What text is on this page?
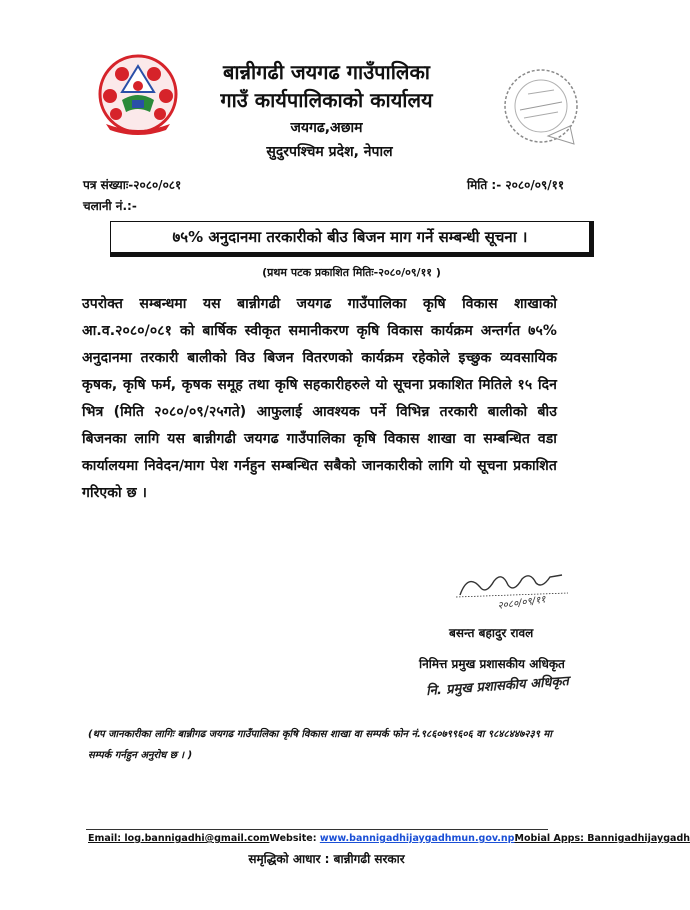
बान्नीगढी जयगढ गाउँपालिका
गाउँ कार्यपालिकाको कार्यालय
जयगढ,अछाम
सुदुरपश्चिम प्रदेश, नेपाल
पत्र संख्याः-२०८०/०८१	मिति :- २०८०/०९/११
चलानी नं.:-
७५% अनुदानमा तरकारीको बीउ बिजन माग गर्ने सम्बन्धी सूचना ।
(प्रथम पटक प्रकाशित मितिः-२०८०/०९/११ )
उपरोक्त सम्बन्धमा यस बान्नीगढी जयगढ गाउँपालिका कृषि विकास शाखाको आ.व.२०८०/०८१ को बार्षिक स्वीकृत समानीकरण कृषि विकास कार्यक्रम अन्तर्गत ७५% अनुदानमा तरकारी बालीको विउ बिजन वितरणको कार्यक्रम रहेकोले इच्छुक व्यवसायिक कृषक, कृषि फर्म, कृषक समूह तथा कृषि सहकारीहरुले यो सूचना प्रकाशित मितिले १५ दिन भित्र (मिति २०८०/०९/२५गते) आफुलाई आवश्यक पर्ने विभिन्न तरकारी बालीको बीउ बिजनका लागि यस बान्नीगढी जयगढ गाउँपालिका कृषि विकास शाखा वा सम्बन्धित वडा कार्यालयमा निवेदन/माग पेश गर्नहुन सम्बन्धित सबैको जानकारीको लागि यो सूचना प्रकाशित गरिएको छ ।
२०८०/०९/११
बसन्त बहादुर रावल
निमित्त प्रमुख प्रशासकीय अधिकृत
नि. प्रमुख प्रशासकीय अधिकृत
(थप जानकारीका लागिः बान्नीगढ जयगढ गाउँपालिका कृषि विकास शाखा वा सम्पर्क फोन नं.९८६०७९९६०६ वा ९८४८४४७२३९ मा सम्पर्क गर्नहुन अनुरोध छ । )
Email: log.bannigadhi@gmail.comWebsite: www.bannigadhijaygadhmun.gov.npMobial Apps: Bannigadhijaygadh
समृद्धिको आधार : बान्नीगढी सरकार
